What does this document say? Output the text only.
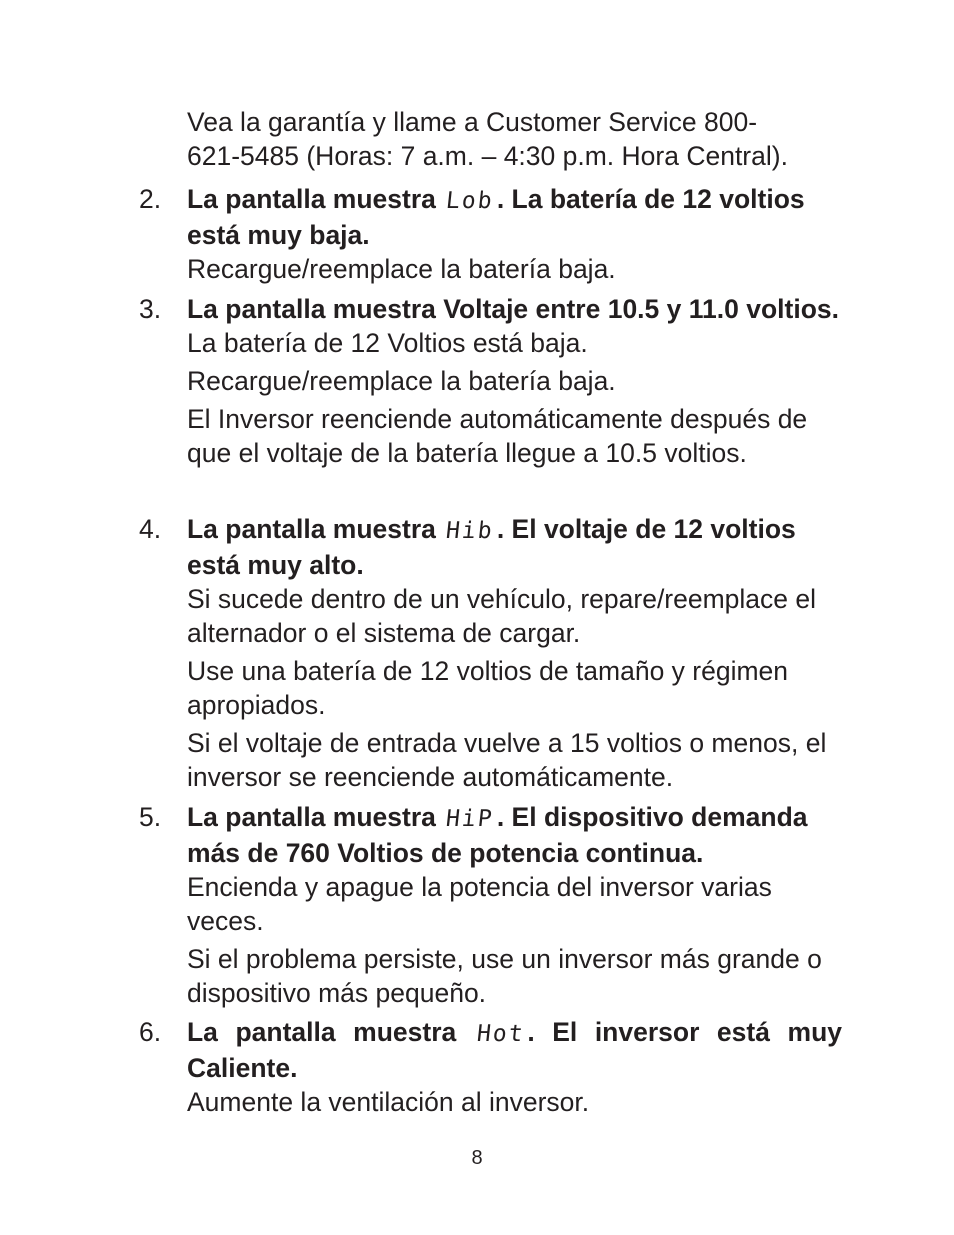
Vea la garantía y llame a Customer Service 800-
621-5485 (Horas: 7 a.m. – 4:30 p.m. Hora Central).
2. La pantalla muestra Lob. La batería de 12 voltios está muy baja.
Recargue/reemplace la batería baja.
3. La pantalla muestra Voltaje entre 10.5 y 11.0 voltios.
La batería de 12 Voltios está baja.
Recargue/reemplace la batería baja.
El Inversor reenciende automáticamente después de que el voltaje de la batería llegue a 10.5 voltios.
4. La pantalla muestra Hib. El voltaje de 12 voltios está muy alto.
Si sucede dentro de un vehículo, repare/reemplace el alternador o el sistema de cargar.
Use una batería de 12 voltios de tamaño y régimen apropiados.
Si el voltaje de entrada vuelve a 15 voltios o menos, el inversor se reenciende automáticamente.
5. La pantalla muestra HiP. El dispositivo demanda más de 760 Voltios de potencia continua.
Encienda y apague la potencia del inversor varias veces.
Si el problema persiste, use un inversor más grande o dispositivo más pequeño.
6. La pantalla muestra Hot. El inversor está muy Caliente.
Aumente la ventilación al inversor.
8
